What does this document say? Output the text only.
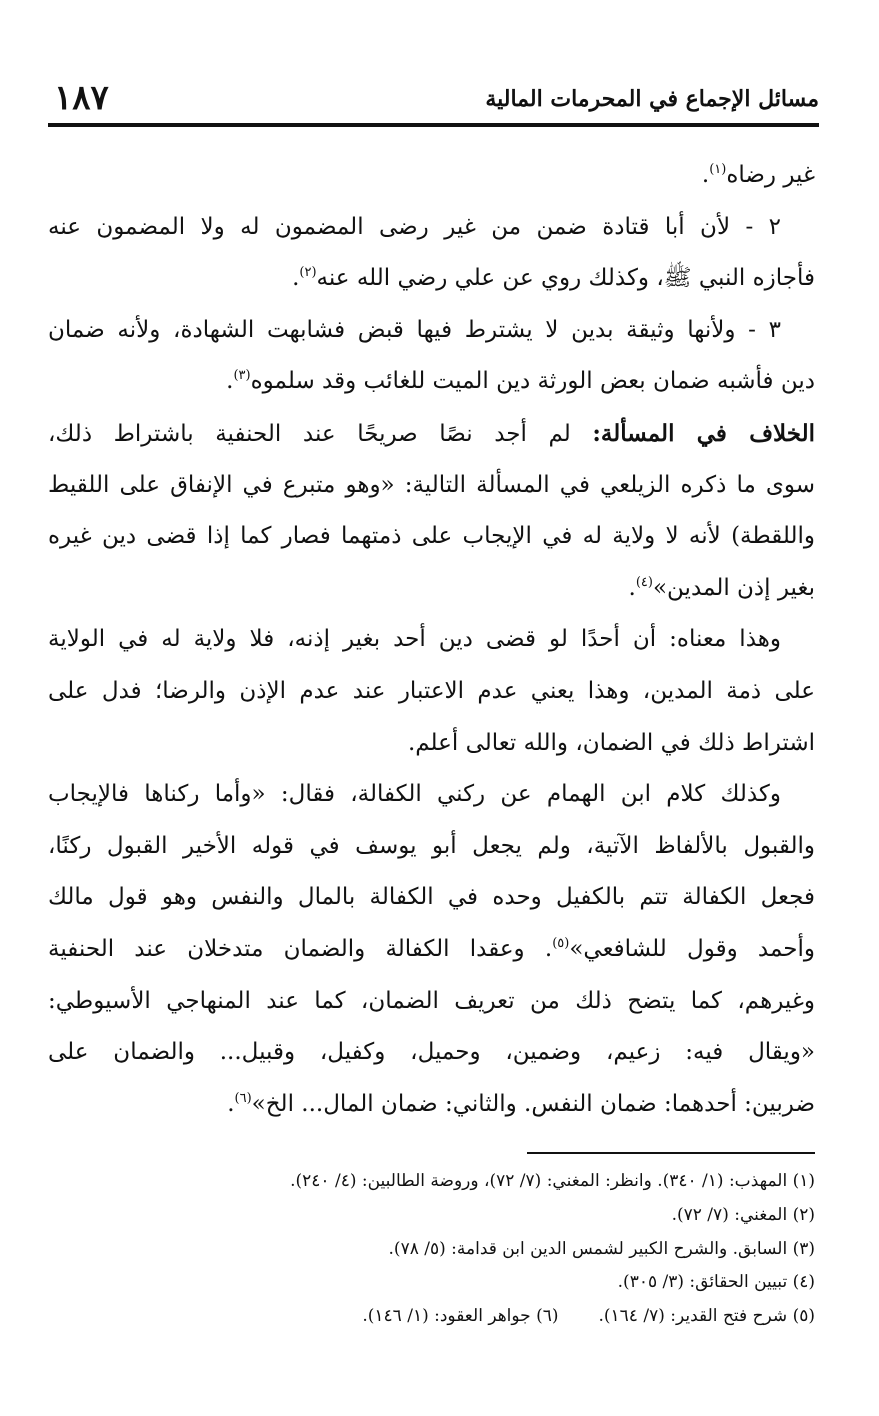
مسائل الإجماع في المحرمات المالية
١٨٧
غير رضاه$^{(١)}$.
٢ - لأن أبا قتادة ضمن من غير رضى المضمون له ولا المضمون عنه
فأجازه النبي ﷺ، وكذلك روي عن علي رضي الله عنه$^{(٢)}$.
٣ - ولأنها وثيقة بدين لا يشترط فيها قبض فشابهت الشهادة، ولأنه ضمان
دين فأشبه ضمان بعض الورثة دين الميت للغائب وقد سلموه$^{(٣)}$.
الخلاف في المسألة: لم أجد نصًا صريحًا عند الحنفية باشتراط ذلك،
سوى ما ذكره الزيلعي في المسألة التالية: «وهو متبرع في الإنفاق على اللقيط
واللقطة) لأنه لا ولاية له في الإيجاب على ذمتهما فصار كما إذا قضى دين غيره
بغير إذن المدين»$^{(٤)}$.
وهذا معناه: أن أحدًا لو قضى دين أحد بغير إذنه، فلا ولاية له في الولاية
على ذمة المدين، وهذا يعني عدم الاعتبار عند عدم الإذن والرضا؛ فدل على
اشتراط ذلك في الضمان، والله تعالى أعلم.
وكذلك كلام ابن الهمام عن ركني الكفالة، فقال: «وأما ركناها فالإيجاب
والقبول بالألفاظ الآتية، ولم يجعل أبو يوسف في قوله الأخير القبول ركنًا،
فجعل الكفالة تتم بالكفيل وحده في الكفالة بالمال والنفس وهو قول مالك
وأحمد وقول للشافعي»$^{(٥)}$. وعقدا الكفالة والضمان متدخلان عند الحنفية
وغيرهم، كما يتضح ذلك من تعريف الضمان، كما عند المنهاجي الأسيوطي:
«ويقال فيه: زعيم، وضمين، وحميل، وكفيل، وقبيل... والضمان على
ضربين: أحدهما: ضمان النفس. والثاني: ضمان المال... الخ»$^{(٦)}$.
(١) المهذب: (١/ ٣٤٠). وانظر: المغني: (٧/ ٧٢)، وروضة الطالبين: (٤/ ٢٤٠).
(٢) المغني: (٧/ ٧٢).
(٣) السابق. والشرح الكبير لشمس الدين ابن قدامة: (٥/ ٧٨).
(٤) تبيين الحقائق: (٣/ ٣٠٥).
(٥) شرح فتح القدير: (٧/ ١٦٤).
(٦) جواهر العقود: (١/ ١٤٦).
